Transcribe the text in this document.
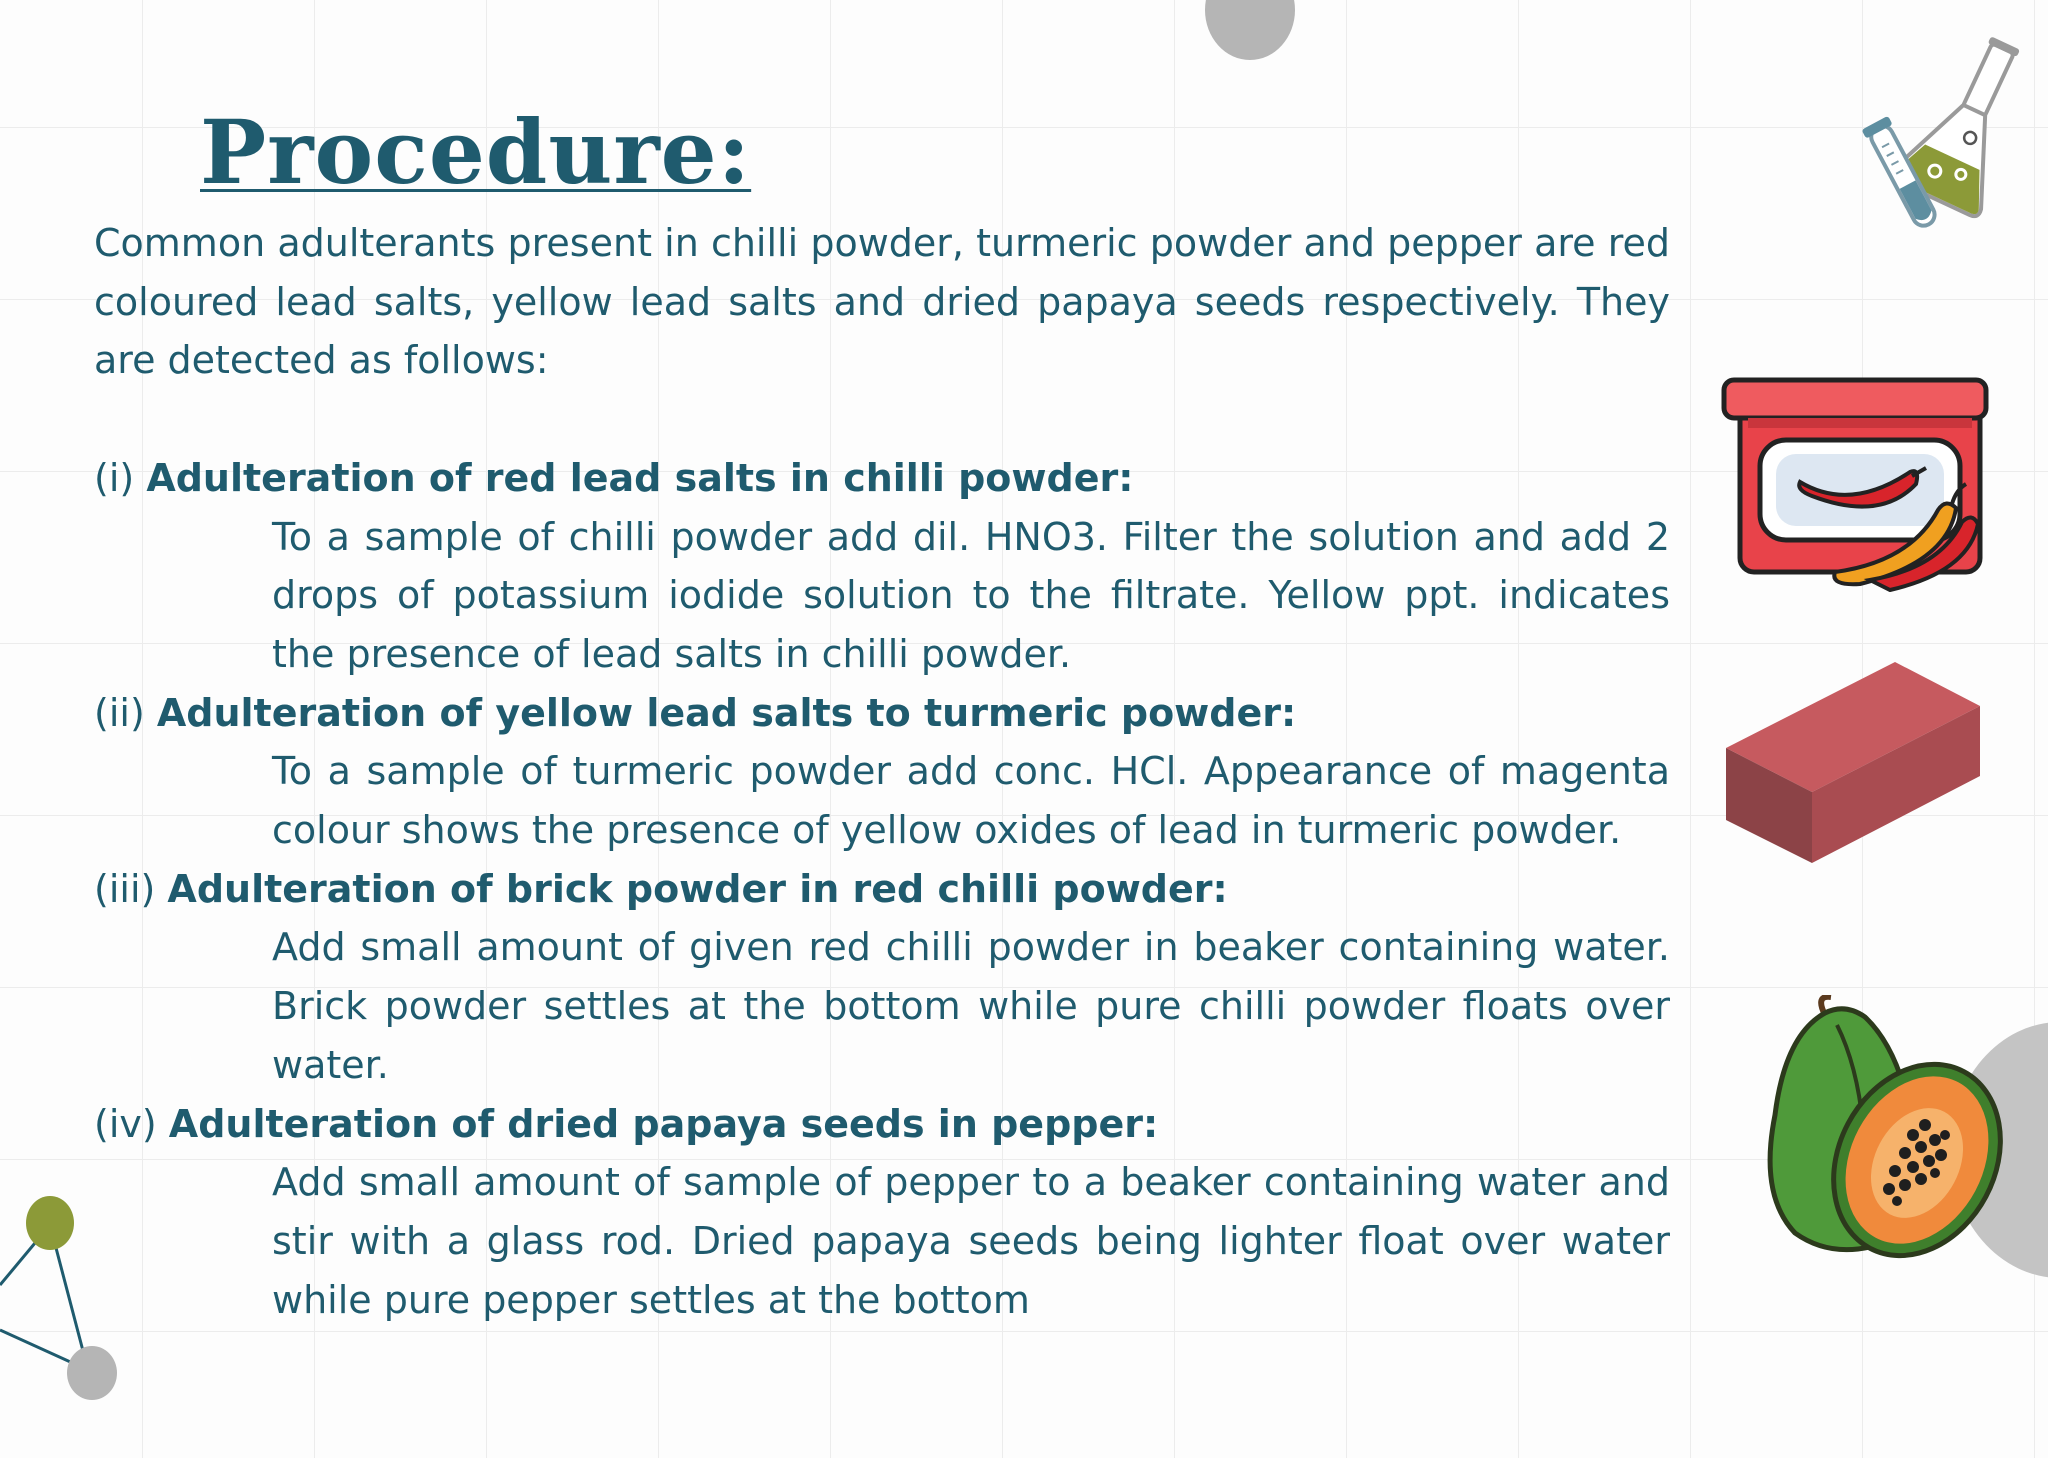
Procedure:

Common adulterants present in chilli powder, turmeric powder and pepper are red coloured lead salts, yellow lead salts and dried papaya seeds respectively. They are detected as follows:

(i) Adulteration of red lead salts in chilli powder:

To a sample of chilli powder add dil. HNO3. Filter the solution and add 2 drops of potassium iodide solution to the filtrate. Yellow ppt. indicates the presence of lead salts in chilli powder.

(ii) Adulteration of yellow lead salts to turmeric powder:

To a sample of turmeric powder add conc. HCl. Appearance of magenta colour shows the presence of yellow oxides of lead in turmeric powder.

(iii) Adulteration of brick powder in red chilli powder:

Add small amount of given red chilli powder in beaker containing water. Brick powder settles at the bottom while pure chilli powder floats over water.

(iv) Adulteration of dried papaya seeds in pepper:

Add small amount of sample of pepper to a beaker containing water and stir with a glass rod. Dried papaya seeds being lighter float over water while pure pepper settles at the bottom
